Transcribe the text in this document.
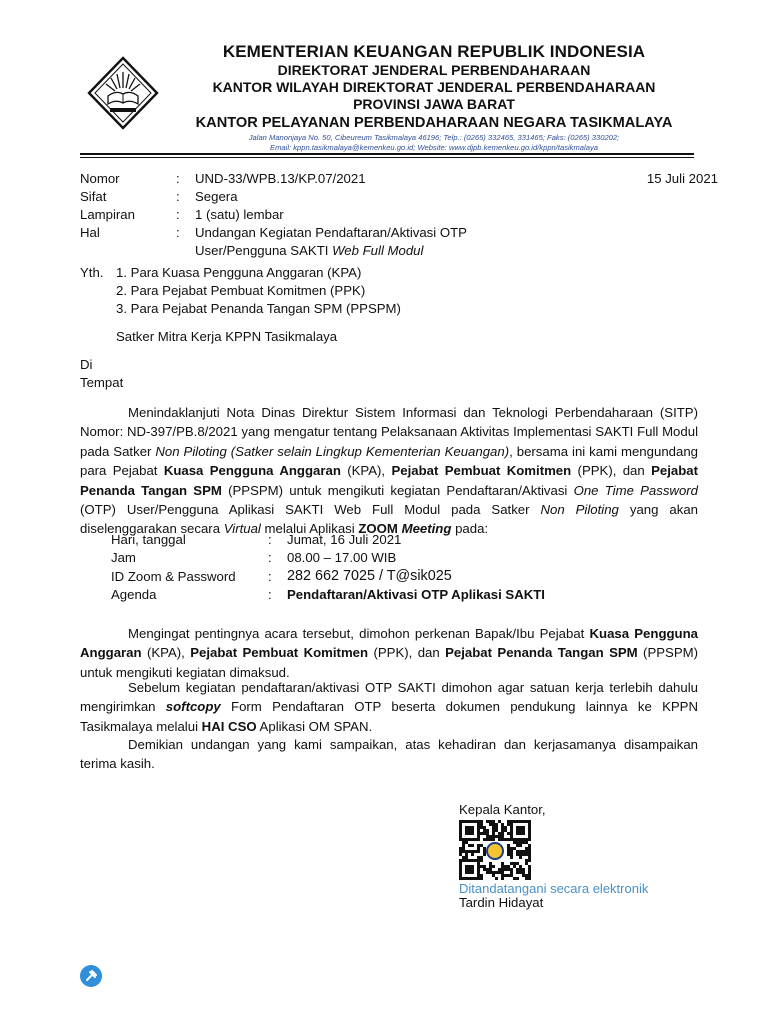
KEMENTERIAN KEUANGAN REPUBLIK INDONESIA
DIREKTORAT JENDERAL PERBENDAHARAAN
KANTOR WILAYAH DIREKTORAT JENDERAL PERBENDAHARAAN
PROVINSI JAWA BARAT
KANTOR PELAYANAN PERBENDAHARAAN NEGARA TASIKMALAYA
Jalan Manonjaya No. 50, Cibeureum Tasikmalaya 46196; Telp.: (0265) 332465, 331465; Faks: (0265) 330202;
Email: kppn.tasikmalaya@kemenkeu.go.id; Website: www.djpb.kemenkeu.go.id/kppn/tasikmalaya
Nomor	: UND-33/WPB.13/KP.07/2021	15 Juli 2021
Sifat	: Segera
Lampiran	: 1 (satu) lembar
Hal	: Undangan Kegiatan Pendaftaran/Aktivasi OTP
User/Pengguna SAKTI Web Full Modul
Yth. 1. Para Kuasa Pengguna Anggaran (KPA)
2. Para Pejabat Pembuat Komitmen (PPK)
3. Para Pejabat Penanda Tangan SPM (PPSPM)
Satker Mitra Kerja KPPN Tasikmalaya
Di
Tempat

Menindaklanjuti Nota Dinas Direktur Sistem Informasi dan Teknologi Perbendaharaan (SITP) Nomor: ND-397/PB.8/2021 yang mengatur tentang Pelaksanaan Aktivitas Implementasi SAKTI Full Modul pada Satker Non Piloting (Satker selain Lingkup Kementerian Keuangan), bersama ini kami mengundang para Pejabat Kuasa Pengguna Anggaran (KPA), Pejabat Pembuat Komitmen (PPK), dan Pejabat Penanda Tangan SPM (PPSPM) untuk mengikuti kegiatan Pendaftaran/Aktivasi One Time Password (OTP) User/Pengguna Aplikasi SAKTI Web Full Modul pada Satker Non Piloting yang akan diselenggarakan secara Virtual melalui Aplikasi ZOOM Meeting pada:

Hari, tanggal	: Jumat, 16 Juli 2021
Jam	: 08.00 – 17.00 WIB
ID Zoom & Password : 282 662 7025 / T@sik025
Agenda	: Pendaftaran/Aktivasi OTP Aplikasi SAKTI

Mengingat pentingnya acara tersebut, dimohon perkenan Bapak/Ibu Pejabat Kuasa Pengguna Anggaran (KPA), Pejabat Pembuat Komitmen (PPK), dan Pejabat Penanda Tangan SPM (PPSPM) untuk mengikuti kegiatan dimaksud.

Sebelum kegiatan pendaftaran/aktivasi OTP SAKTI dimohon agar satuan kerja terlebih dahulu mengirimkan softcopy Form Pendaftaran OTP beserta dokumen pendukung lainnya ke KPPN Tasikmalaya melalui HAI CSO Aplikasi OM SPAN.

Demikian undangan yang kami sampaikan, atas kehadiran dan kerjasamanya disampaikan terima kasih.

Kepala Kantor,
Ditandatangani secara elektronik
Tardin Hidayat
